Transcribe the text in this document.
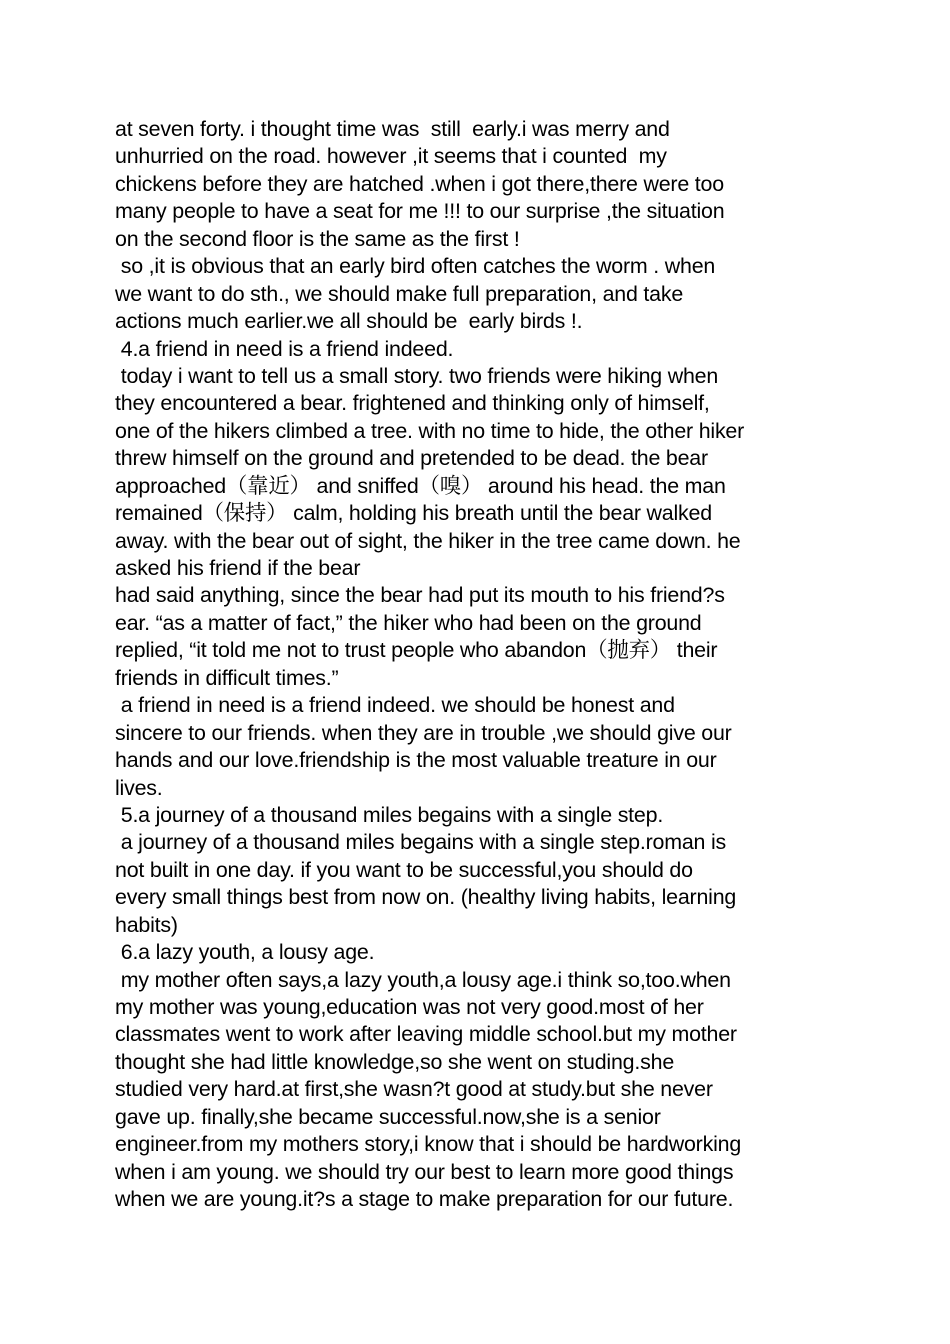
at seven forty. i thought time was  still  early.i was merry and
unhurried on the road. however ,it seems that i counted  my
chickens before they are hatched .when i got there,there were too
many people to have a seat for me !!! to our surprise ,the situation
on the second floor is the same as the first !
so ,it is obvious that an early bird often catches the worm . when
we want to do sth., we should make full preparation, and take
actions much earlier.we all should be  early birds !.
4.a friend in need is a friend indeed.
today i want to tell us a small story. two friends were hiking when
they encountered a bear. frightened and thinking only of himself,
one of the hikers climbed a tree. with no time to hide, the other hiker
threw himself on the ground and pretended to be dead. the bear
approached（靠近） and sniffed（嗅） around his head. the man
remained（保持） calm, holding his breath until the bear walked
away. with the bear out of sight, the hiker in the tree came down. he
asked his friend if the bear
had said anything, since the bear had put its mouth to his friend?s
ear. “as a matter of fact,” the hiker who had been on the ground
replied, “it told me not to trust people who abandon（抛弃） their
friends in difficult times.”
a friend in need is a friend indeed. we should be honest and
sincere to our friends. when they are in trouble ,we should give our
hands and our love.friendship is the most valuable treature in our
lives.
5.a journey of a thousand miles begains with a single step.
a journey of a thousand miles begains with a single step.roman is
not built in one day. if you want to be successful,you should do
every small things best from now on. (healthy living habits, learning
habits)
6.a lazy youth, a lousy age.
my mother often says,a lazy youth,a lousy age.i think so,too.when
my mother was young,education was not very good.most of her
classmates went to work after leaving middle school.but my mother
thought she had little knowledge,so she went on studing.she
studied very hard.at first,she wasn?t good at study.but she never
gave up. finally,she became successful.now,she is a senior
engineer.from my mothers story,i know that i should be hardworking
when i am young. we should try our best to learn more good things
when we are young.it?s a stage to make preparation for our future.
